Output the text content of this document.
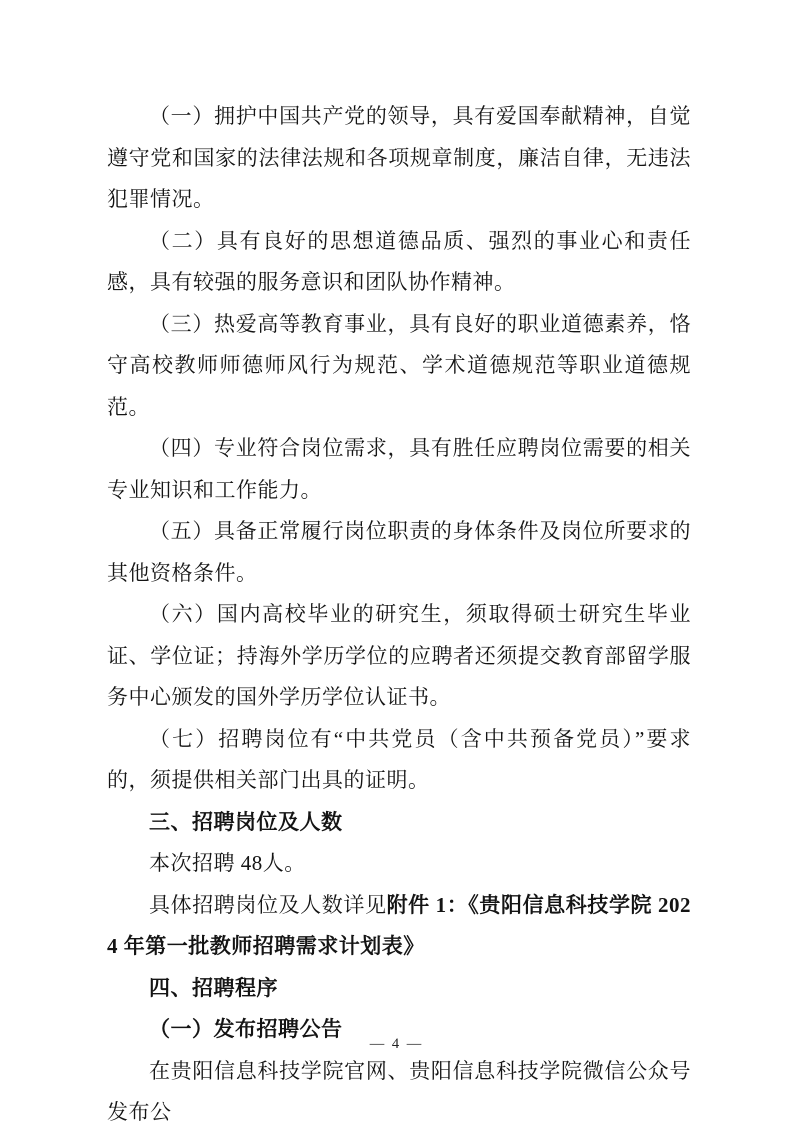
（一）拥护中国共产党的领导，具有爱国奉献精神，自觉遵守党和国家的法律法规和各项规章制度，廉洁自律，无违法犯罪情况。

（二）具有良好的思想道德品质、强烈的事业心和责任感，具有较强的服务意识和团队协作精神。

（三）热爱高等教育事业，具有良好的职业道德素养，恪守高校教师师德师风行为规范、学术道德规范等职业道德规范。

（四）专业符合岗位需求，具有胜任应聘岗位需要的相关专业知识和工作能力。

（五）具备正常履行岗位职责的身体条件及岗位所要求的其他资格条件。

（六）国内高校毕业的研究生，须取得硕士研究生毕业证、学位证；持海外学历学位的应聘者还须提交教育部留学服务中心颁发的国外学历学位认证书。

（七）招聘岗位有“中共党员（含中共预备党员）”要求的，须提供相关部门出具的证明。

三、招聘岗位及人数

本次招聘 48人。

具体招聘岗位及人数详见附件 1：《贵阳信息科技学院 2024 年第一批教师招聘需求计划表》

四、招聘程序

（一）发布招聘公告

在贵阳信息科技学院官网、贵阳信息科技学院微信公众号发布公

— 4 —
